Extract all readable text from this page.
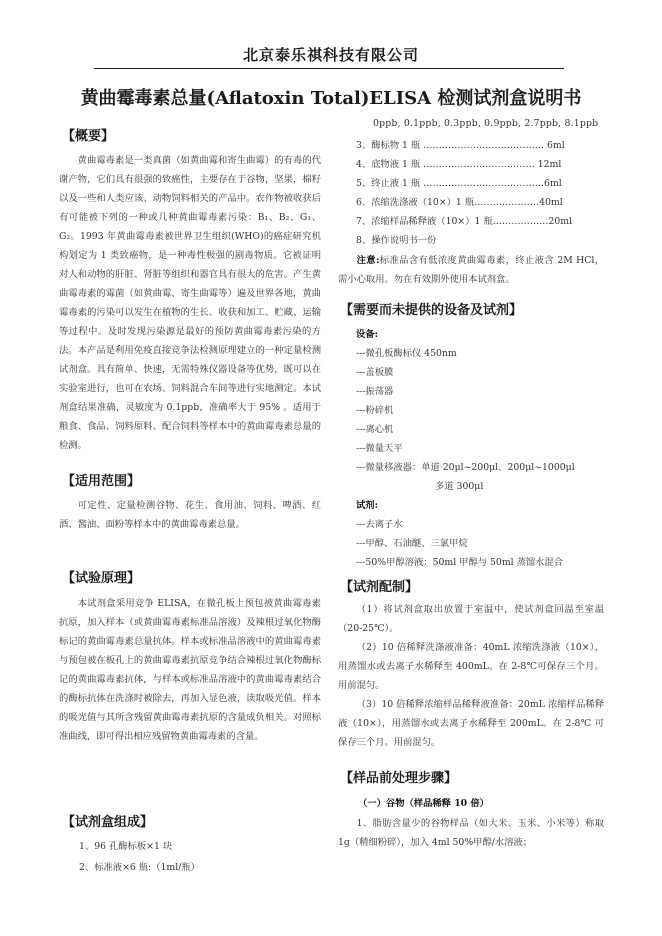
北京泰乐祺科技有限公司
黄曲霉毒素总量(Aflatoxin Total)ELISA 检测试剂盒说明书
【概要】
黄曲霉毒素是一类真菌（如黄曲霉和寄生曲霉）的有毒的代谢产物，它们具有很强的致癌性，主要存在于谷物，坚果，棉籽以及一些和人类应该、动物饲料相关的产品中。农作物被收获后有可能被下列的一种或几种黄曲霉毒素污染：B₁、B₂、G₁、G₂。1993 年黄曲霉毒素被世界卫生组织(WHO)的癌症研究机构划定为 1 类致癌物，是一种毒性极强的剧毒物质。它被证明对人和动物的肝脏、肾脏等组织和器官具有很大的危害。产生黄曲霉毒素的霉菌（如黄曲霉、寄生曲霉等）遍及世界各地，黄曲霉毒素的污染可以发生在植物的生长、收获和加工、贮藏、运输等过程中。及时发现污染源是最好的预防黄曲霉毒素污染的方法。 本产品是利用免疫直接竞争法检测原理建立的一种定量检测试剂盒。具有简单、快速，无需特殊仪器设备等优势，既可以在实验室进行，也可在农场、饲料混合车间等进行实地测定。本试剂盒结果准确，灵敏度为 0.1ppb，准确率大于 95% 。适用于粮食、食品、饲料原料、配合饲料等样本中的黄曲霉毒素总量的检测。
【适用范围】
可定性、定量检测谷物、花生、食用油、饲料、啤酒、红酒、酱油、面粉等样本中的黄曲霉毒素总量。
【试验原理】
本试剂盒采用竞争 ELISA，在微孔板上预包被黄曲霉毒素抗原，加入样本（或黄曲霉毒素标准品溶液）及辣根过氧化物酶标记的黄曲霉毒素总量抗体。样本或标准品溶液中的黄曲霉毒素与预包被在板孔上的黄曲霉毒素抗原竞争结合辣根过氧化物酶标记的黄曲霉毒素抗体，与样本或标准品溶液中的黄曲霉毒素结合的酶标抗体在洗涤时被除去，再加入显色液，读取吸光值。样本的吸光值与其所含残留黄曲霉毒素抗原的含量成负相关。对照标准曲线，即可得出相应残留物黄曲霉毒素的含量。
【试剂盒组成】
1、96 孔酶标板×1 块
2、标准液×6 瓶:（1ml/瓶）
0ppb, 0.1ppb, 0.3ppb, 0.9ppb, 2.7ppb, 8.1ppb
3、酶标物 1 瓶 ………………………………… 6ml
4、底物液 1 瓶 ……………………………… 12ml
5、终止液 1 瓶 …………………………………6ml
6、浓缩洗涤液（10×）1 瓶…………………40ml
7、浓缩样品稀释液（10×）1 瓶………………20ml
8、操作说明书一份
注意:标准品含有低浓度黄曲霉毒素，终止液含 2M HCl，需小心取用。勿在有效期外使用本试剂盒。
【需要而未提供的设备及试剂】
设备:
---微孔板酶标仪 450nm
---盖板膜
---振荡器
---粉碎机
---离心机
---微量天平
---微量移液器：单道 20μl~200μl、200μl~1000μl
多道 300μl
试剂:
---去离子水
---甲醇、石油醚、三氯甲烷
---50%甲醇溶液：50ml 甲醇与 50ml 蒸馏水混合
【试剂配制】
（1）将试剂盒取出放置于室温中，使试剂盒回温至室温（20-25℃）。
（2）10 倍稀释洗涤液准备：40mL 浓缩洗涤液（10×），用蒸馏水或去离子水稀释至 400mL。在 2-8℃可保存三个月。用前混匀。
（3）10 倍稀释浓缩样品稀释液准备：20mL 浓缩样品稀释液（10×），用蒸馏水或去离子水稀释至 200mL。在 2-8℃ 可保存三个月。用前混匀。
【样品前处理步骤】
（一）谷物（样品稀释 10 倍）
1、脂肪含量少的谷物样品（如大米、玉米、小米等）称取 1g（精细粉碎），加入 4ml 50%甲醇/水溶液；
